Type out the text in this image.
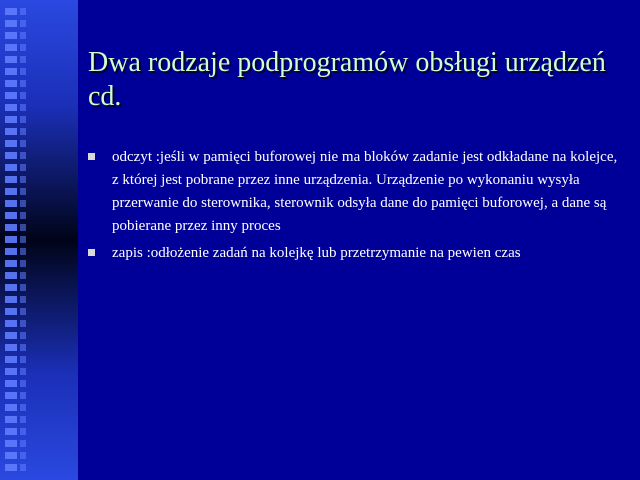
Dwa rodzaje podprogramów obsługi urządzeń cd.
odczyt :jeśli w pamięci buforowej nie ma bloków zadanie jest odkładane na kolejce, z której jest pobrane przez inne urządzenia. Urządzenie po wykonaniu wysyła przerwanie do sterownika, sterownik odsyła dane do pamięci buforowej, a dane są pobierane przez inny proces
zapis :odłożenie zadań na kolejkę lub przetrzymanie na pewien czas
